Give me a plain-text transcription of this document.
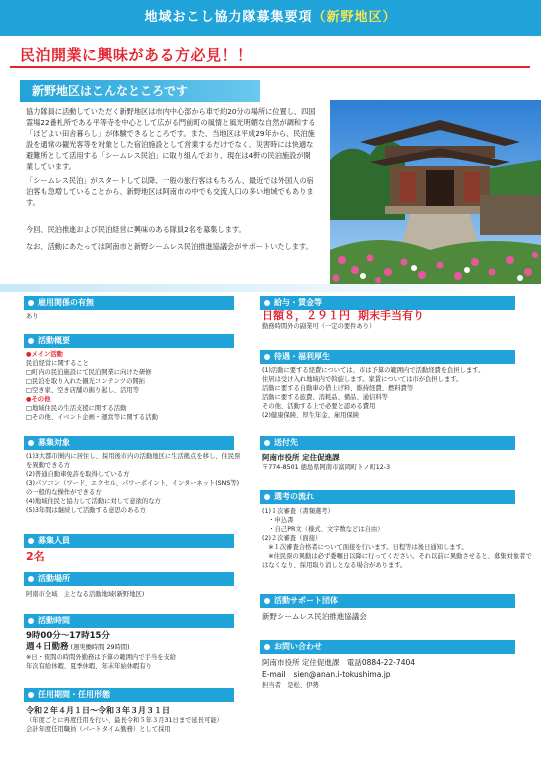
地域おこし協力隊募集要項（新野地区）
民泊開業に興味がある方必見！！
新野地区はこんなところです

協力隊員に活動していただく新野地区は市内中心部から車で約20分の場所に位置し、四国霊場22番札所である平等寺を中心として広がる門前町の風情と風光明媚な自然が調和する「ほどよい田舎暮らし」が体験できるところです。また、当地区は平成29年から、民泊施設を通常の観光客等を対象とした宿泊施設として営業するだけでなく、災害時には快適な避難所として活用する「シームレス民泊」に取り組んでおり、現在は4軒の民泊施設が開業しています。

「シームレス民泊」がスタートして以降、一般の旅行客はもちろん、最近では外国人の宿泊客も急増していることから、新野地区は阿南市の中でも交流人口の多い地域でもあります。

今回、民泊推進および民泊経営に興味のある隊員2名を募集します。

なお、活動にあたっては阿南市と新野シームレス民泊推進協議会がサポートいたします。

雇用関係の有無
あり
活動概要
●メイン活動
民泊経営に関すること
□町内の民泊施設にて民泊開業に向けた研修
□民泊を取り入れた観光コンテンツの開拓
□空き家、空き店舗の掘り起し、活用等
●その他
□地域住民の生活支援に関する活動
□その他、イベント企画・運営等に関する活動
募集対象
(1)3大都市圏内に居住し、採用後市内の活動地区に生活拠点を移し、住民票を異動できる方
(2)普通自動車免許を取得している方
(3)パソコン（ワード、エクセル、パワーポイント、インターネット(SNS等)の一般的な操作ができる方
(4)地域住民と協力して活動に対して意欲的な方
(5)3年間は継続して活動する意思のある方
募集人員
2名
活動場所
阿南市全域　主となる活動地域(新野地区)
活動時間
9時00分～17時15分
週４日勤務 (週実働時間 29時間)
※日・夜間の時間外勤務は予算の範囲内で手当を支給
年次有給休暇、夏季休暇、年末年始休暇有り
任用期間・任用形態
令和２年４月１日～令和３年３月３１日
（年度ごとに再度任用を行い、最長令和５年３月31日まで延長可能）
会計年度任用職員（パートタイム勤務）として採用
給与・賃金等
日額８，２９１円 期末手当有り
勤務時間外の副業可（一定の要件あり）
待遇・福利厚生
(1)活動に要する経費については、市は予算の範囲内で活動経費を負担します。
住居は受け入れ地域内で斡旋します。家賃については市が負担します。
活動に要する自動車の借上げ料、維持経費、燃料費等
活動に要する旅費、消耗品、備品、通信料等
その他、活動する上で必要と認める費用
(2)健康保険、厚生年金、雇用保険
送付先
阿南市役所 定住促進課
〒774-8501 徳島県阿南市富岡町トノ町12-3
選考の流れ
(1)１次審査（書類選考）
　・申込書
　・自己PR文（様式、文字数などは自由）
(2)２次審査（面接）
　※１次審査合格者について面接を行います。日程等は後日通知します。
　※住民票の異動は必ず委嘱日以降に行ってください。それ以前に異動させると、募集対象者ではなくなり、採用取り消しとなる場合があります。
活動サポート団体
新野シームレス民泊推進協議会
お問い合わせ
阿南市役所 定住促進課　電話0884-22-7404
E-mail sien@anan.i-tokushima.jp
担当者　是松、伊勢
